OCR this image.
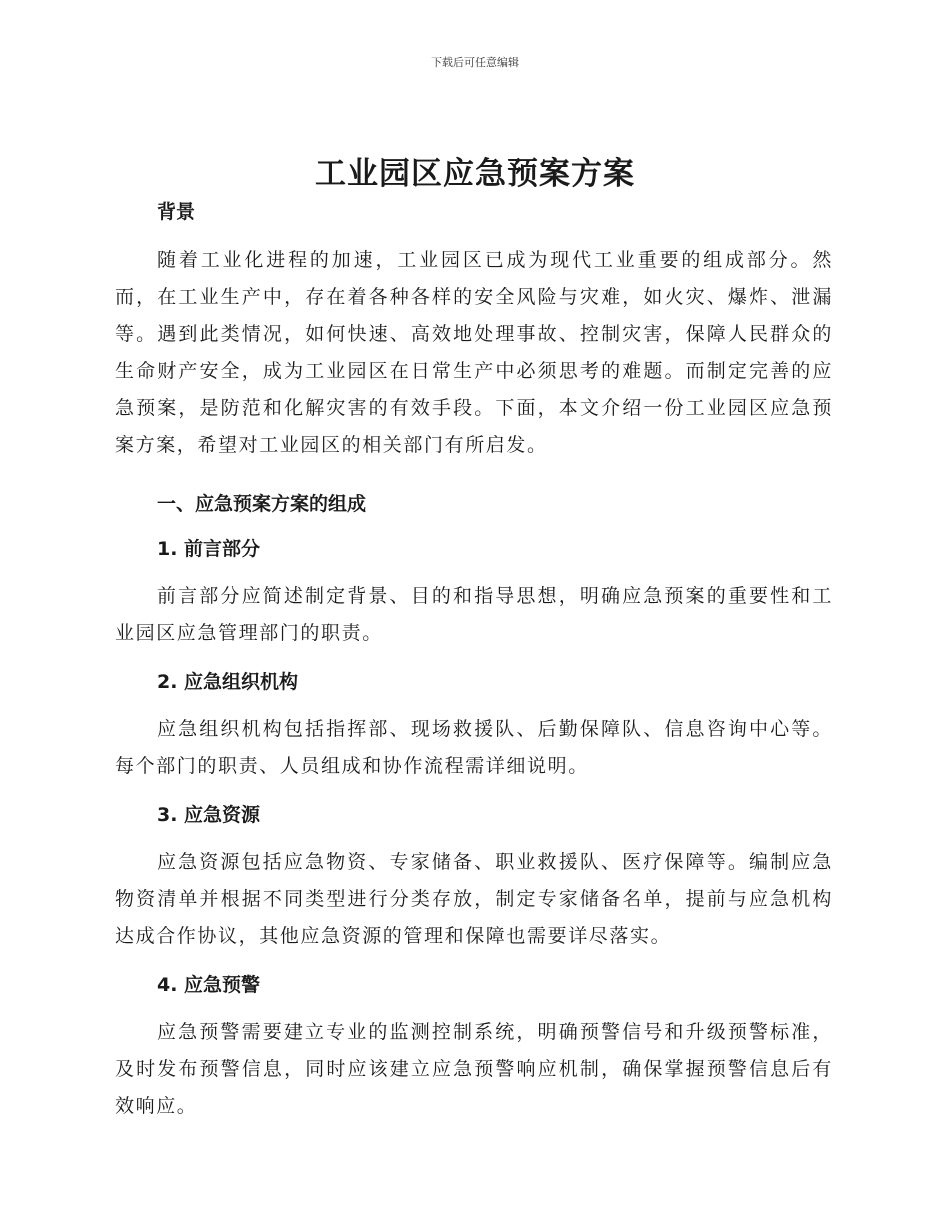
下载后可任意编辑
工业园区应急预案方案

背景

随着工业化进程的加速，工业园区已成为现代工业重要的组成部分。然而，在工业生产中，存在着各种各样的安全风险与灾难，如火灾、爆炸、泄漏等。遇到此类情况，如何快速、高效地处理事故、控制灾害，保障人民群众的生命财产安全，成为工业园区在日常生产中必须思考的难题。而制定完善的应急预案，是防范和化解灾害的有效手段。下面，本文介绍一份工业园区应急预案方案，希望对工业园区的相关部门有所启发。

一、应急预案方案的组成

1. 前言部分

前言部分应简述制定背景、目的和指导思想，明确应急预案的重要性和工业园区应急管理部门的职责。

2. 应急组织机构

应急组织机构包括指挥部、现场救援队、后勤保障队、信息咨询中心等。每个部门的职责、人员组成和协作流程需详细说明。

3. 应急资源

应急资源包括应急物资、专家储备、职业救援队、医疗保障等。编制应急物资清单并根据不同类型进行分类存放，制定专家储备名单，提前与应急机构达成合作协议，其他应急资源的管理和保障也需要详尽落实。

4. 应急预警

应急预警需要建立专业的监测控制系统，明确预警信号和升级预警标准，及时发布预警信息，同时应该建立应急预警响应机制，确保掌握预警信息后有效响应。
